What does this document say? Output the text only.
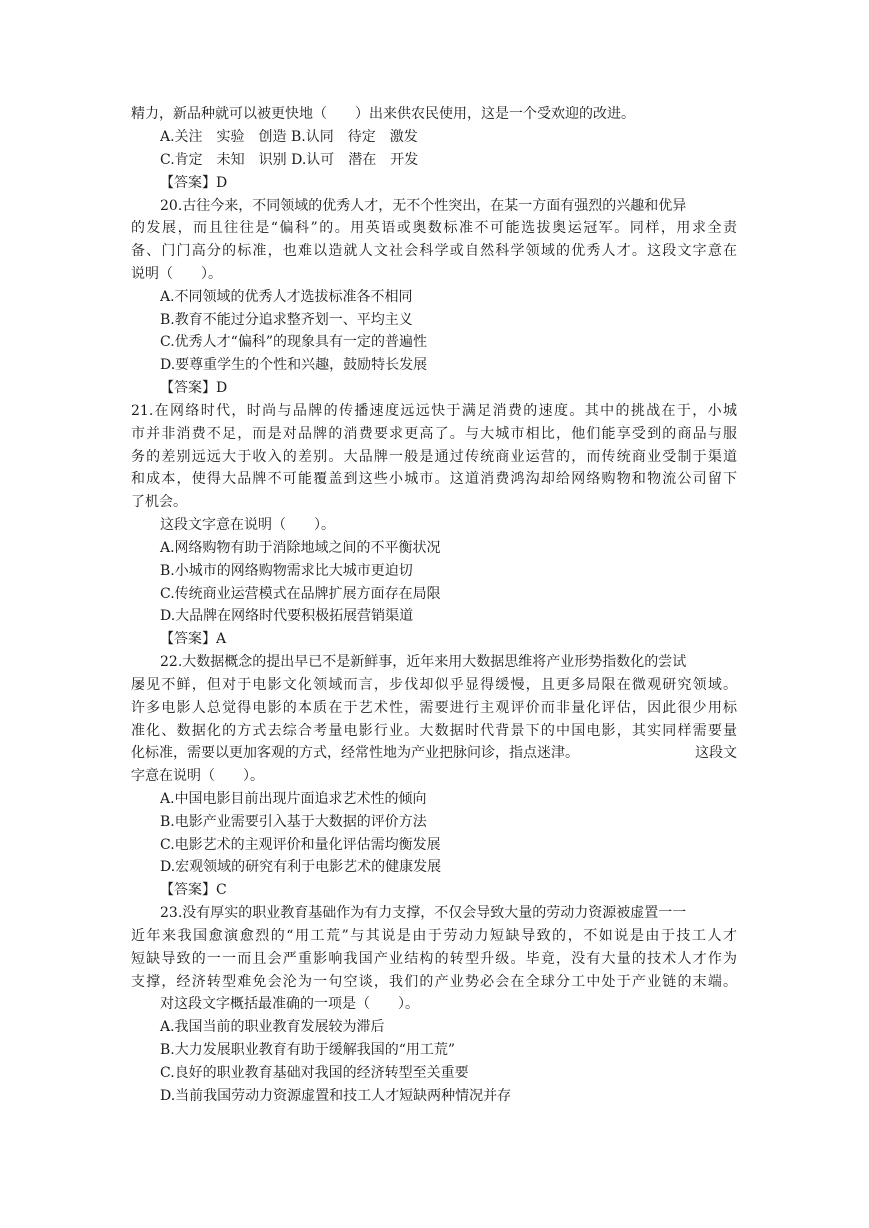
精力，新品种就可以被更快地（　　）出来供农民使用，这是一个受欢迎的改进。
A.关注　实验　创造 B.认同　待定　激发
C.肯定　未知　识别 D.认可　潜在　开发
【答案】D
20.古往今来，不同领域的优秀人才，无不个性突出，在某一方面有强烈的兴趣和优异
的发展，而且往往是“偏科”的。用英语或奥数标准不可能选拔奥运冠军。同样，用求全责
备、门门高分的标准，也难以造就人文社会科学或自然科学领域的优秀人才。这段文字意在
说明（　　）。
A.不同领域的优秀人才选拔标准各不相同
B.教育不能过分追求整齐划一、平均主义
C.优秀人才“偏科”的现象具有一定的普遍性
D.要尊重学生的个性和兴趣，鼓励特长发展
【答案】D
21.在网络时代，时尚与品牌的传播速度远远快于满足消费的速度。其中的挑战在于，小城
市并非消费不足，而是对品牌的消费要求更高了。与大城市相比，他们能享受到的商品与服
务的差别远远大于收入的差别。大品牌一般是通过传统商业运营的，而传统商业受制于渠道
和成本，使得大品牌不可能覆盖到这些小城市。这道消费鸿沟却给网络购物和物流公司留下
了机会。
这段文字意在说明（　　）。
A.网络购物有助于消除地域之间的不平衡状况
B.小城市的网络购物需求比大城市更迫切
C.传统商业运营模式在品牌扩展方面存在局限
D.大品牌在网络时代要积极拓展营销渠道
【答案】A
22.大数据概念的提出早已不是新鲜事，近年来用大数据思维将产业形势指数化的尝试
屡见不鲜，但对于电影文化领域而言，步伐却似乎显得缓慢，且更多局限在微观研究领域。
许多电影人总觉得电影的本质在于艺术性，需要进行主观评价而非量化评估，因此很少用标
准化、数据化的方式去综合考量电影行业。大数据时代背景下的中国电影，其实同样需要量
化标准，需要以更加客观的方式，经常性地为产业把脉问诊，指点迷津。	这段文
字意在说明（　　）。
A.中国电影目前出现片面追求艺术性的倾向
B.电影产业需要引入基于大数据的评价方法
C.电影艺术的主观评价和量化评估需均衡发展
D.宏观领域的研究有利于电影艺术的健康发展
【答案】C
23.没有厚实的职业教育基础作为有力支撑，不仅会导致大量的劳动力资源被虚置一一
近年来我国愈演愈烈的“用工荒”与其说是由于劳动力短缺导致的，不如说是由于技工人才
短缺导致的一一而且会严重影响我国产业结构的转型升级。毕竟，没有大量的技术人才作为
支撑，经济转型难免会沦为一句空谈，我们的产业势必会在全球分工中处于产业链的末端。
对这段文字概括最准确的一项是（　　）。
A.我国当前的职业教育发展较为滞后
B.大力发展职业教育有助于缓解我国的“用工荒”
C.良好的职业教育基础对我国的经济转型至关重要
D.当前我国劳动力资源虚置和技工人才短缺两种情况并存
